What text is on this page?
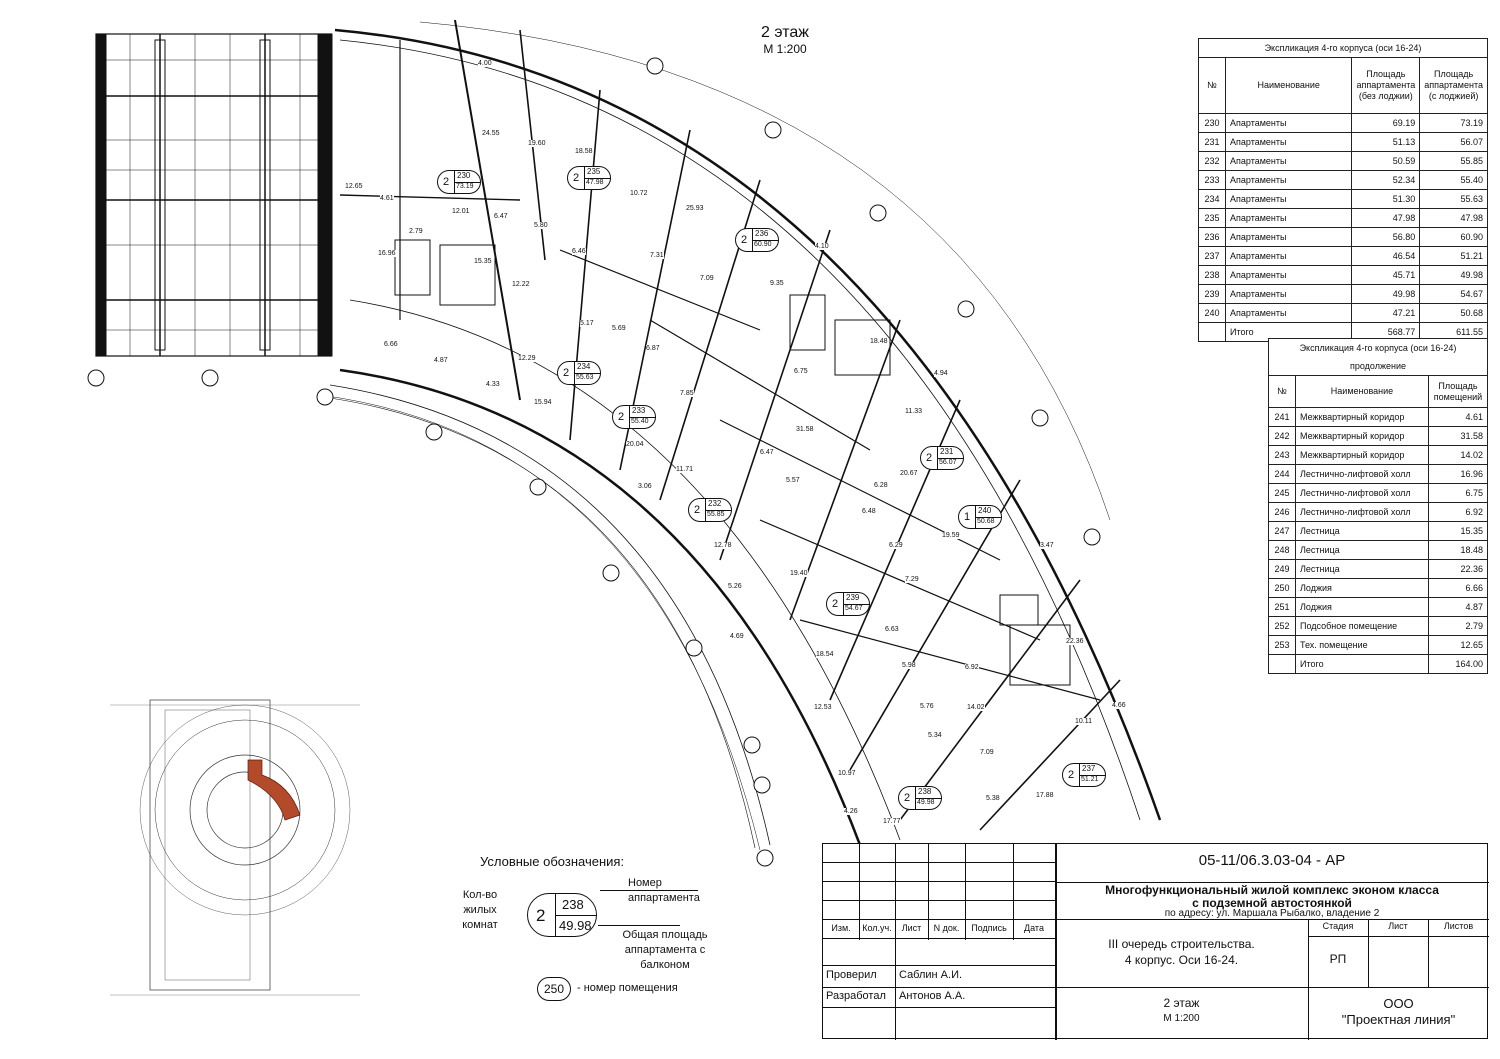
2 этаж
М 1:200
2
230
73.19
2
235
47.98
2
236
60.90
2
234
55.63
2
233
55.40
2
232
55.85
2
231
56.07
1
240
50.68
2
239
54.67
2
238
49.98
2
237
51.21
4.00
24.55
19.60
18.58
10.72
25.93
12.01
6.47
5.80
6.46
7.31
7.09
9.35
4.10
12.22
5.17
5.69
6.87
7.85
12.29
4.33
15.94
20.04
11.71
3.06
5.57
6.47
11.33
20.67
6.28
6.48
6.29
19.59
3.47
7.29
19.40
5.26
4.69
18.54
6.63
5.98
5.76
5.34
12.53
10.97
4.26
17.77
7.09
5.38	17.88
10.11
4.66
4.94
12.78
12.65
4.61
16.96
15.35
6.66
4.87
2.79
18.48
31.58
6.75
14.02
6.92
22.36
Экспликация 4-го корпуса (оси 16-24)			
№	Наименование	Площадь аппартамента (без лоджии)	Площадь аппартамента (с лоджией)
230	Апартаменты	69.19	73.19
231	Апартаменты	51.13	56.07
232	Апартаменты	50.59	55.85
233	Апартаменты	52.34	55.40
234	Апартаменты	51.30	55.63
235	Апартаменты	47.98	47.98
236	Апартаменты	56.80	60.90
237	Апартаменты	46.54	51.21
238	Апартаменты	45.71	49.98
239	Апартаменты	49.98	54.67
240	Апартаменты	47.21	50.68
	Итого	568.77	611.55
Экспликация 4-го корпуса (оси 16-24) продолжение		
№	Наименование	Площадь помещений
241	Межквартирный коридор	4.61
242	Межквартирный коридор	31.58
243	Межквартирный коридор	14.02
244	Лестнично-лифтовой холл	16.96
245	Лестнично-лифтовой холл	6.75
246	Лестнично-лифтовой холл	6.92
247	Лестница	15.35
248	Лестница	18.48
249	Лестница	22.36
250	Лоджия	6.66
251	Лоджия	4.87
252	Подсобное помещение	2.79
253	Тех. помещение	12.65
	Итого	164.00
Условные обозначения:
Кол-во жилых комнат	2
238
49.98
Номер аппартамента
Общая площадь аппартамента с балконом
250	- номер помещения
05-11/06.3.03-04 - АР
Многофункциональный жилой комплекс эконом класса
с подземной автостоянкой
по адресу: ул. Маршала Рыбалко, владение 2
Изм.	Кол.уч.	Лист	N док.	Подпись	Дата
III очередь строительства.
4 корпус. Оси 16-24.
Стадия	Лист	Листов
РП
Проверил Саблин А.И.
Разработал Антонов А.А.	2 этаж
М 1:200
ООО
"Проектная линия"
